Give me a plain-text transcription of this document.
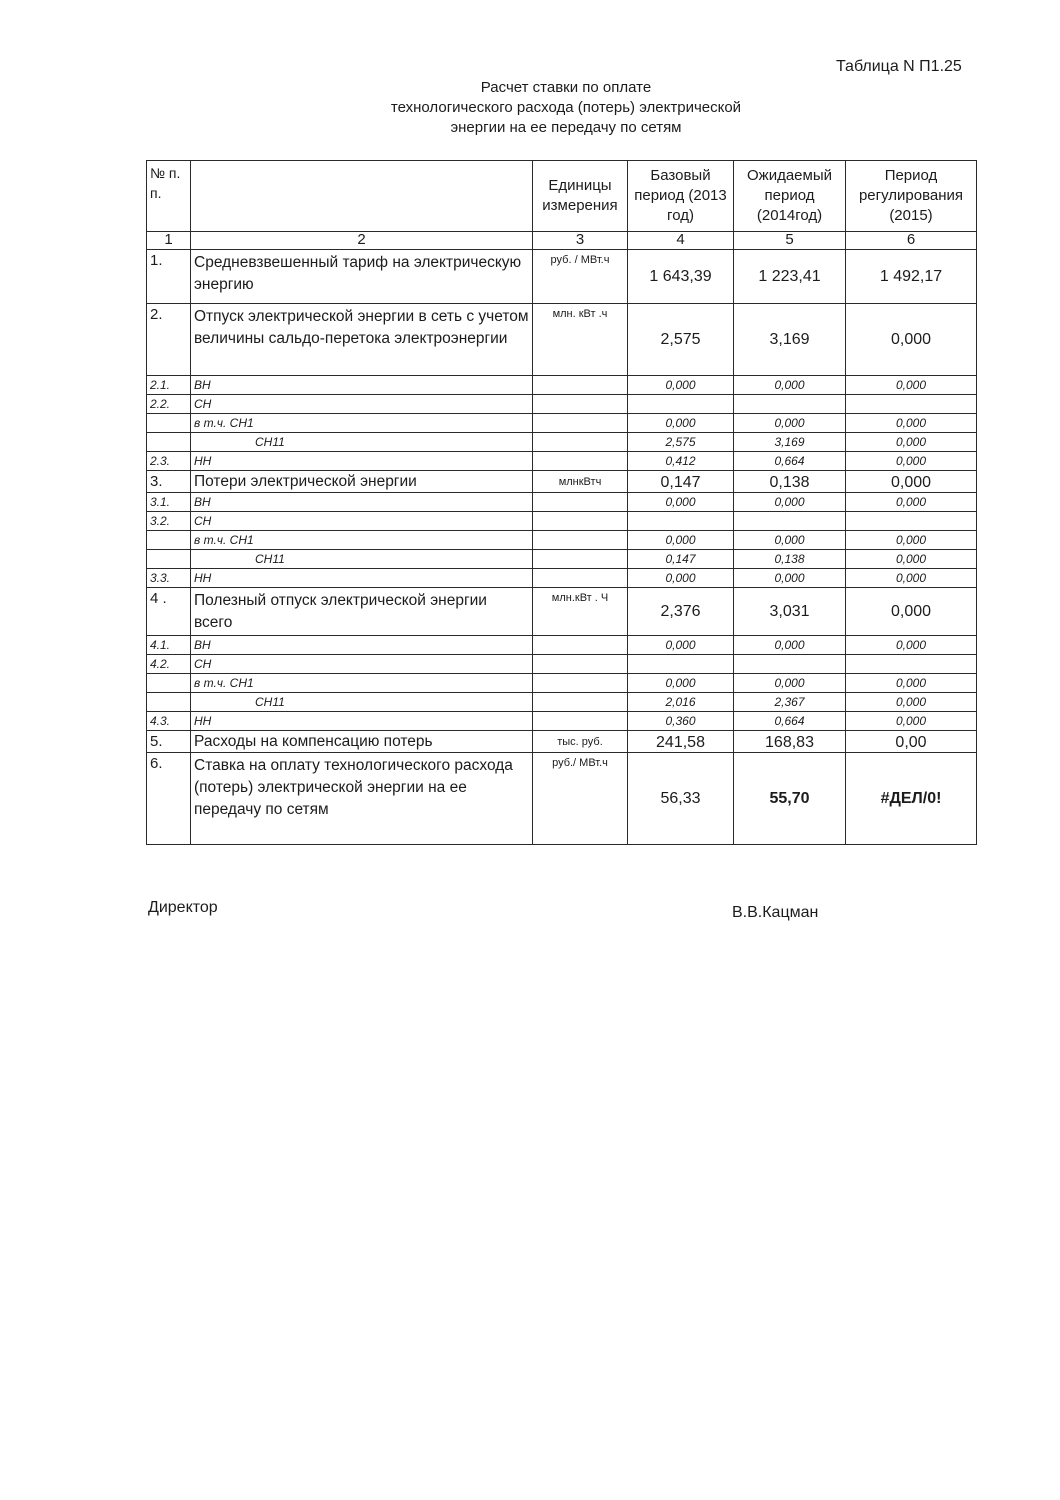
Таблица N П1.25
Расчет ставки по оплате
технологического расхода (потерь) электрической
энергии на ее передачу по сетям
№ п. п.		Единицы измерения	Базовый период (2013 год)	Ожидаемый период (2014год)	Период регулирования (2015)
1	2	3	4	5	6
1.	Средневзвешенный тариф на электрическую энергию	руб. / МВт.ч	1 643,39	1 223,41	1 492,17
2.	Отпуск электрической энергии в сеть с учетом величины сальдо-перетока электроэнергии	млн. кВт .ч	2,575	3,169	0,000
2.1.	ВН		0,000	0,000	0,000
2.2.	СН				
	в т.ч. СН1		0,000	0,000	0,000
	СН11		2,575	3,169	0,000
2.3.	НН		0,412	0,664	0,000
3.	Потери электрической энергии	млнкВтч	0,147	0,138	0,000
3.1.	ВН		0,000	0,000	0,000
3.2.	СН				
	в т.ч. СН1		0,000	0,000	0,000
	СН11		0,147	0,138	0,000
3.3.	НН		0,000	0,000	0,000
4 .	Полезный отпуск электрической энергии всего	млн.кВт . Ч	2,376	3,031	0,000
4.1.	ВН		0,000	0,000	0,000
4.2.	СН				
	в т.ч. СН1		0,000	0,000	0,000
	СН11		2,016	2,367	0,000
4.3.	НН		0,360	0,664	0,000
5.	Расходы на компенсацию потерь	тыс. руб.	241,58	168,83	0,00
6.	Ставка на оплату технологического расхода (потерь) электрической энергии на ее передачу по сетям	руб./ МВт.ч	56,33	55,70	#ДЕЛ/0!
Директор	В.В.Кацман
